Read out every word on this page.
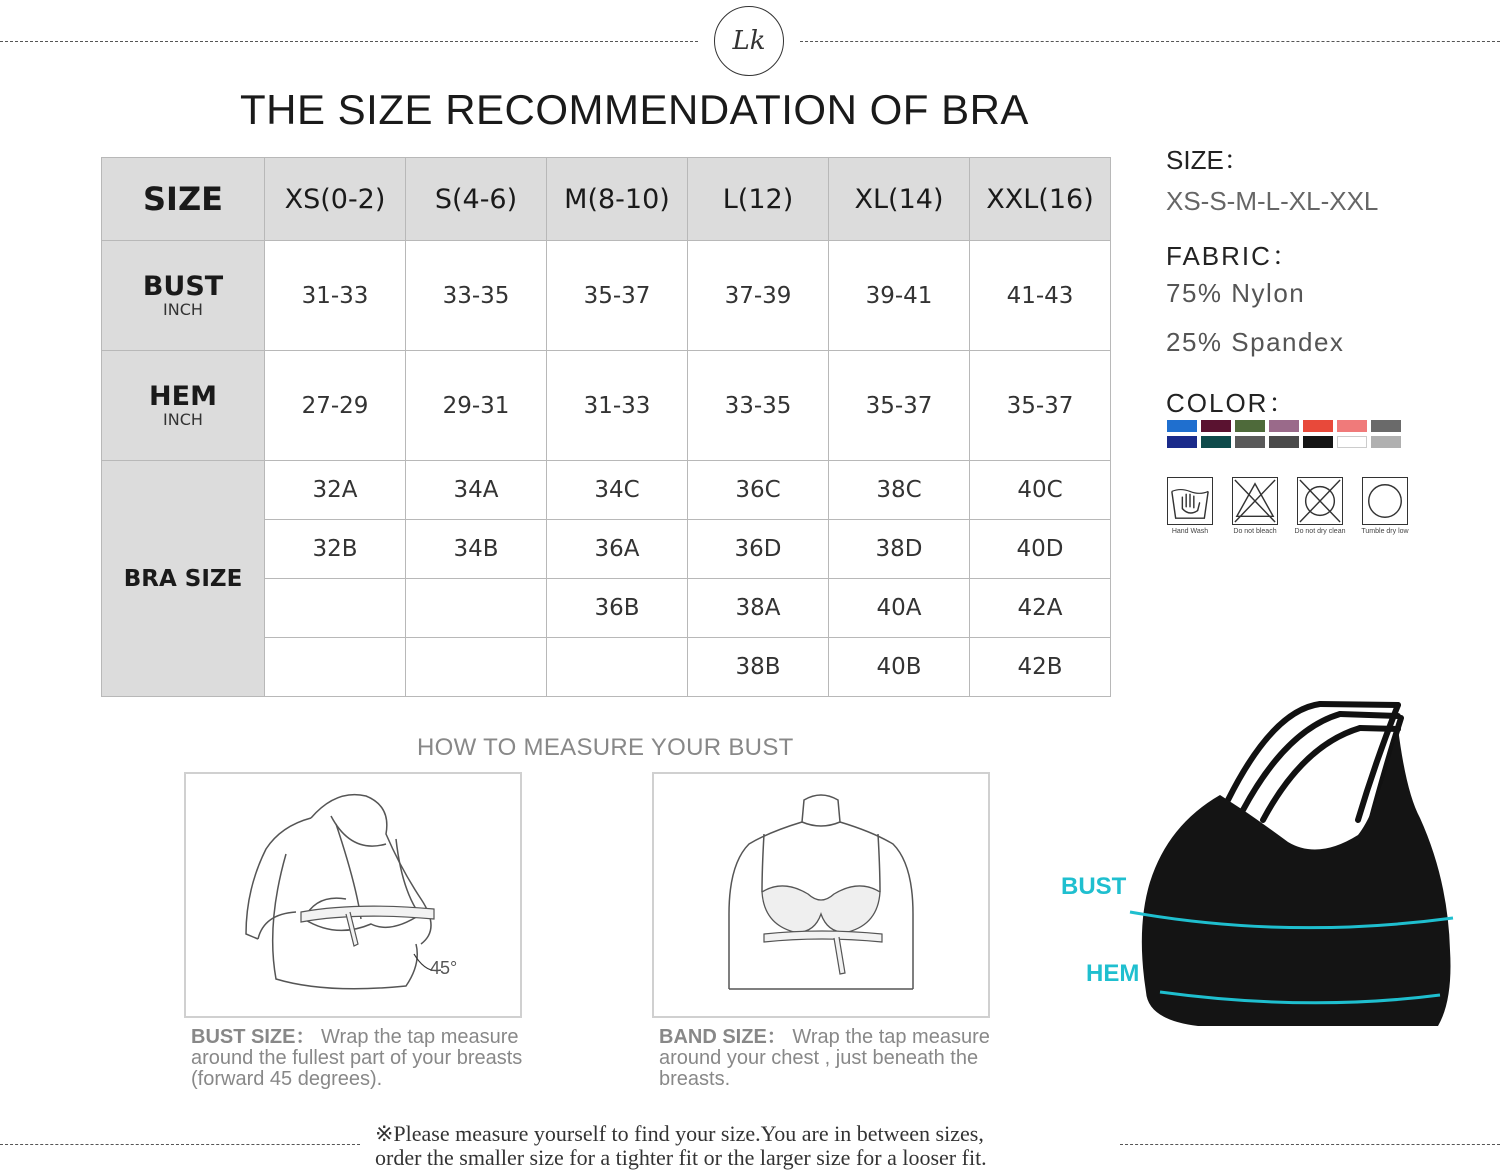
Lk
THE SIZE RECOMMENDATION OF BRA
SIZE	XS(0-2)	S(4-6)	M(8-10)	L(12)	XL(14)	XXL(16)

BUST
INCH	31-33	33-35	35-37	37-39	39-41	41-43

HEM
INCH	27-29	29-31	31-33	33-35	35-37	35-37
BRA SIZE	32A	34A	34C	36C	38C	40C
	32B	34B	36A	36D	38D	40D
			36B	38A	40A	42A
				38B	40B	42B
SIZE：
XS-S-M-L-XL-XXL
FABRIC：
75% Nylon
25% Spandex
COLOR：
Hand Wash	Do not bleach	Do not dry clean Tumble dry low
HOW TO MEASURE YOUR BUST
45°
BUST SIZE： Wrap the tap measure around the fullest part of your breasts (forward 45 degrees).
BAND SIZE： Wrap the tap measure around your chest , just beneath the breasts.
BUST
HEM
※Please measure yourself to find your size.You are in between sizes,
order the smaller size for a tighter fit or the larger size for a looser fit.
